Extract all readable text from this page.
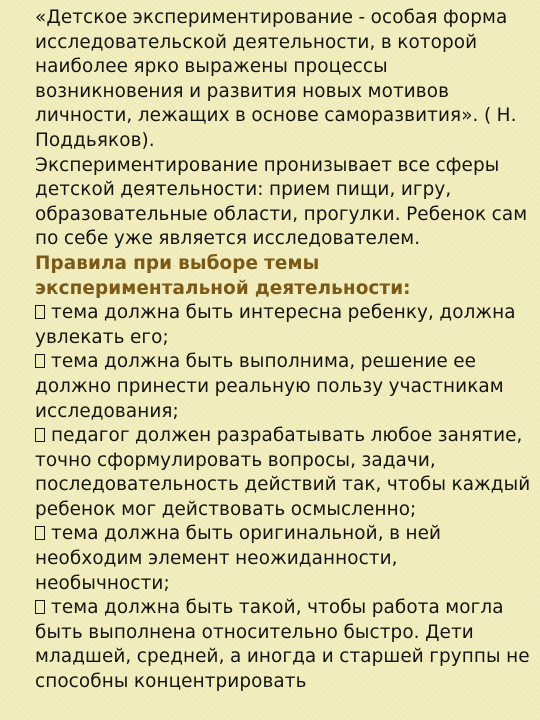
«Детское экспериментирование - особая форма исследовательской деятельности, в которой наиболее ярко выражены процессы возникновения и развития новых мотивов личности, лежащих в основе саморазвития». ( Н. Поддьяков).

Экспериментирование пронизывает все сферы детской деятельности: прием пищи, игру, образовательные области, прогулки. Ребенок сам по себе уже является исследователем.

Правила при выборе темы экспериментальной деятельности:

тема должна быть интересна ребенку, должна увлекать его;

тема должна быть выполнима, решение ее должно принести реальную пользу участникам исследования;

педагог должен разрабатывать любое занятие, точно сформулировать вопросы, задачи, последовательность действий так, чтобы каждый ребенок мог действовать осмысленно;

тема должна быть оригинальной, в ней необходим элемент неожиданности, необычности;

тема должна быть такой, чтобы работа могла быть выполнена относительно быстро. Дети младшей, средней, а иногда и старшей группы не способны концентрировать
